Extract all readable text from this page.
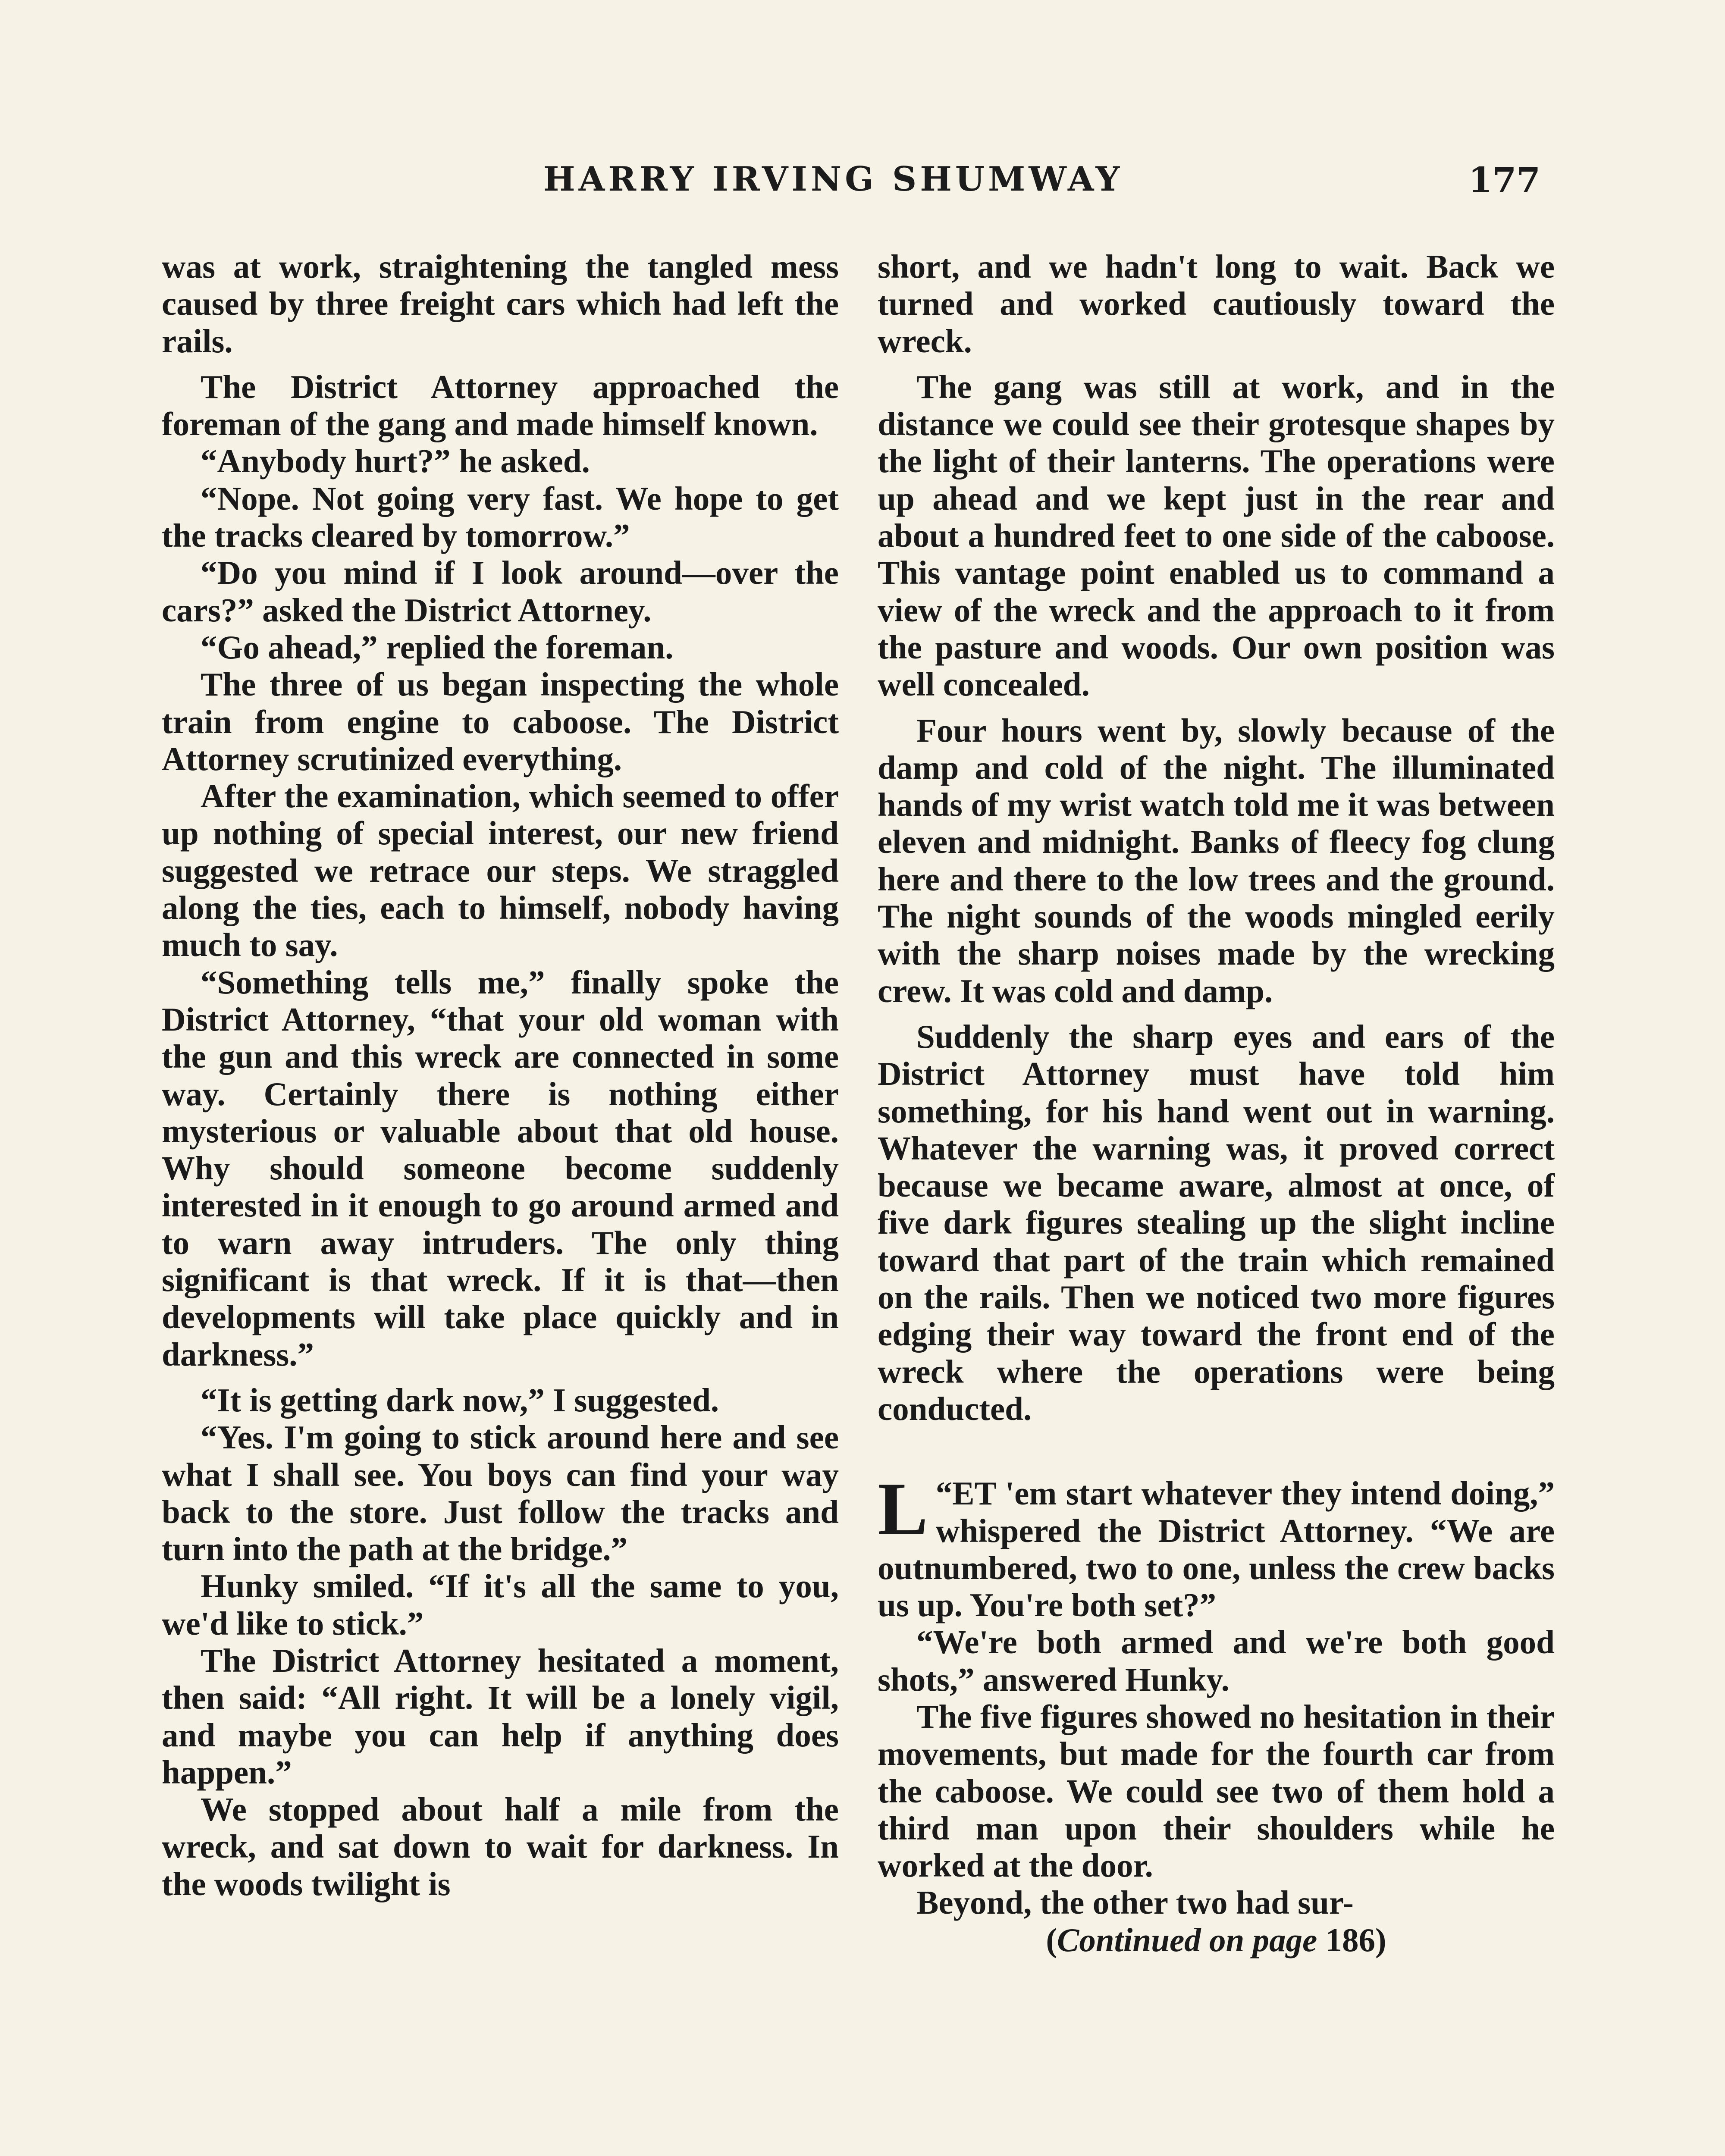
HARRY IRVING SHUMWAY	177

was at work, straightening the tangled mess caused by three freight cars which had left the rails.

The District Attorney approached the foreman of the gang and made himself known.

“Anybody hurt?” he asked.

“Nope. Not going very fast. We hope to get the tracks cleared by tomorrow.”

“Do you mind if I look around—over the cars?” asked the District Attorney.

“Go ahead,” replied the foreman.

The three of us began inspecting the whole train from engine to caboose. The District Attorney scrutinized everything.

After the examination, which seemed to offer up nothing of special interest, our new friend suggested we retrace our steps. We straggled along the ties, each to himself, nobody having much to say.

“Something tells me,” finally spoke the District Attorney, “that your old woman with the gun and this wreck are connected in some way. Certainly there is nothing either mysterious or valuable about that old house. Why should someone become suddenly interested in it enough to go around armed and to warn away intruders. The only thing significant is that wreck. If it is that—then developments will take place quickly and in darkness.”

“It is getting dark now,” I suggested.

“Yes. I'm going to stick around here and see what I shall see. You boys can find your way back to the store. Just follow the tracks and turn into the path at the bridge.”

Hunky smiled. “If it's all the same to you, we'd like to stick.”

The District Attorney hesitated a moment, then said: “All right. It will be a lonely vigil, and maybe you can help if anything does happen.”

We stopped about half a mile from the wreck, and sat down to wait for darkness. In the woods twilight is

short, and we hadn't long to wait. Back we turned and worked cautiously toward the wreck.

The gang was still at work, and in the distance we could see their grotesque shapes by the light of their lanterns. The operations were up ahead and we kept just in the rear and about a hundred feet to one side of the caboose. This vantage point enabled us to command a view of the wreck and the approach to it from the pasture and woods. Our own position was well concealed.

Four hours went by, slowly because of the damp and cold of the night. The illuminated hands of my wrist watch told me it was between eleven and midnight. Banks of fleecy fog clung here and there to the low trees and the ground. The night sounds of the woods mingled eerily with the sharp noises made by the wrecking crew. It was cold and damp.

Suddenly the sharp eyes and ears of the District Attorney must have told him something, for his hand went out in warning. Whatever the warning was, it proved correct because we became aware, almost at once, of five dark figures stealing up the slight incline toward that part of the train which remained on the rails. Then we noticed two more figures edging their way toward the front end of the wreck where the operations were being conducted.

“
L ET 'em start whatever they intend doing,” whispered the District Attorney. “We are outnumbered, two to one, unless the crew backs us up. You're both set?”

“We're both armed and we're both good shots,” answered Hunky.

The five figures showed no hesitation in their movements, but made for the fourth car from the caboose. We could see two of them hold a third man upon their shoulders while he worked at the door.

Beyond, the other two had sur-

(Continued on page 186)
